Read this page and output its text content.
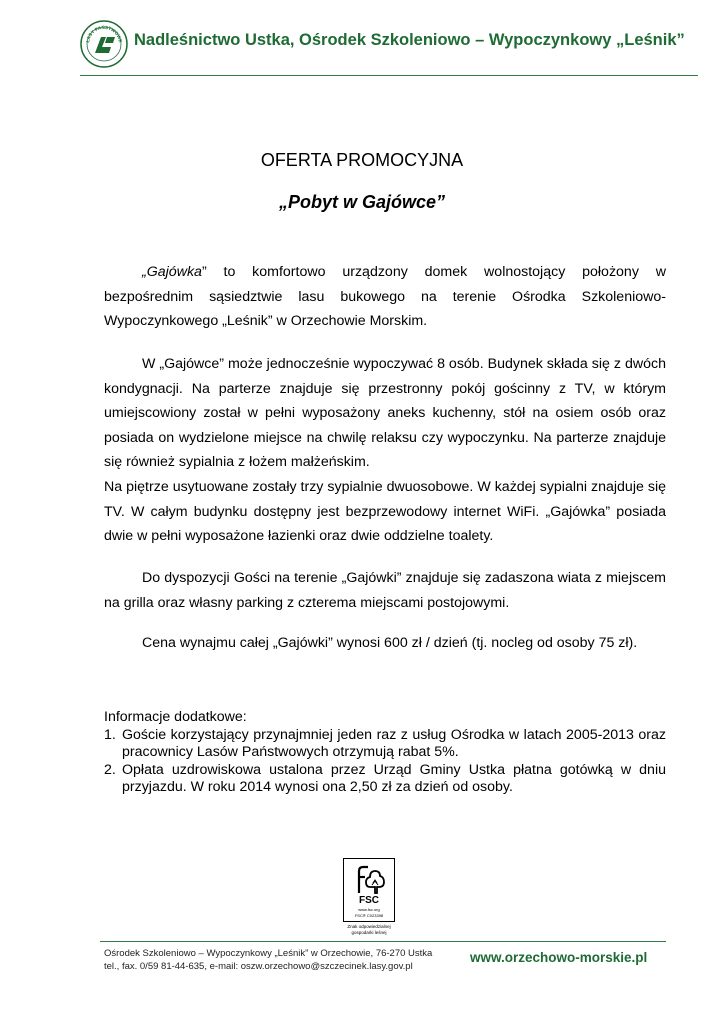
LASY PAŃSTWOWE Nadleśnictwo Ustka, Ośrodek Szkoleniowo – Wypoczynkowy „Leśnik”
OFERTA PROMOCYJNA
„Pobyt w Gajówce”
„Gajówka” to komfortowo urządzony domek wolnostojący położony w bezpośrednim sąsiedztwie lasu bukowego na terenie Ośrodka Szkoleniowo-Wypoczynkowego „Leśnik” w Orzechowie Morskim.
W „Gajówce” może jednocześnie wypoczywać 8 osób. Budynek składa się z dwóch kondygnacji. Na parterze znajduje się przestronny pokój gościnny z TV, w którym umiejscowiony został w pełni wyposażony aneks kuchenny, stół na osiem osób oraz posiada on wydzielone miejsce na chwilę relaksu czy wypoczynku. Na parterze znajduje się również sypialnia z łożem małżeńskim.
Na piętrze usytuowane zostały trzy sypialnie dwuosobowe. W każdej sypialni znajduje się TV. W całym budynku dostępny jest bezprzewodowy internet WiFi. „Gajówka” posiada dwie w pełni wyposażone łazienki oraz dwie oddzielne toalety.
Do dyspozycji Gości na terenie „Gajówki” znajduje się zadaszona wiata z miejscem na grilla oraz własny parking z czterema miejscami postojowymi.
Cena wynajmu całej „Gajówki” wynosi 600 zł / dzień (tj. nocleg od osoby 75 zł).
Informacje dodatkowe:
1. Goście korzystający przynajmniej jeden raz z usług Ośrodka w latach 2005-2013 oraz pracownicy Lasów Państwowych otrzymują rabat 5%.
2. Opłata uzdrowiskowa ustalona przez Urząd Gminy Ustka płatna gotówką w dniu przyjazdu. W roku 2014 wynosi ona 2,50 zł za dzień od osoby.
FSC
www.fsc.org
FSC® C023398
Znak odpowiedzialnej
gospodarki leśnej
Ośrodek Szkoleniowo – Wypoczynkowy „Leśnik” w Orzechowie, 76-270 Ustka
tel., fax. 0/59 81-44-635, e-mail: oszw.orzechowo@szczecinek.lasy.gov.pl
www.orzechowo-morskie.pl
